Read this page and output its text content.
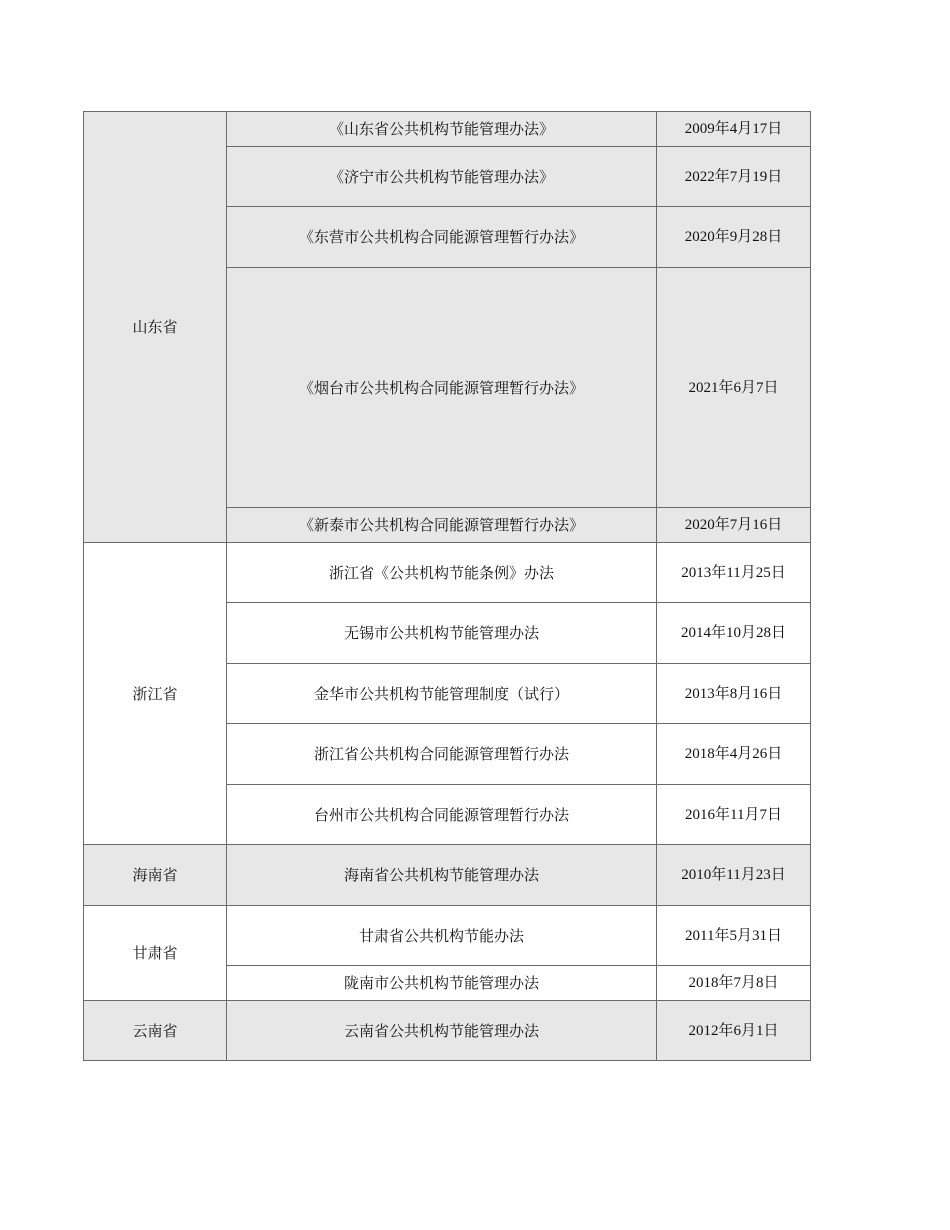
山东省	《山东省公共机构节能管理办法》	2009年4月17日
	《济宁市公共机构节能管理办法》	2022年7月19日
	《东营市公共机构合同能源管理暂行办法》	2020年9月28日
	《烟台市公共机构合同能源管理暂行办法》	2021年6月7日
	《新泰市公共机构合同能源管理暂行办法》	2020年7月16日
浙江省	浙江省《公共机构节能条例》办法	2013年11月25日
	无锡市公共机构节能管理办法	2014年10月28日
	金华市公共机构节能管理制度（试行）	2013年8月16日
	浙江省公共机构合同能源管理暂行办法	2018年4月26日
	台州市公共机构合同能源管理暂行办法	2016年11月7日
海南省	海南省公共机构节能管理办法	2010年11月23日
甘肃省	甘肃省公共机构节能办法	2011年5月31日
	陇南市公共机构节能管理办法	2018年7月8日
云南省	云南省公共机构节能管理办法	2012年6月1日
